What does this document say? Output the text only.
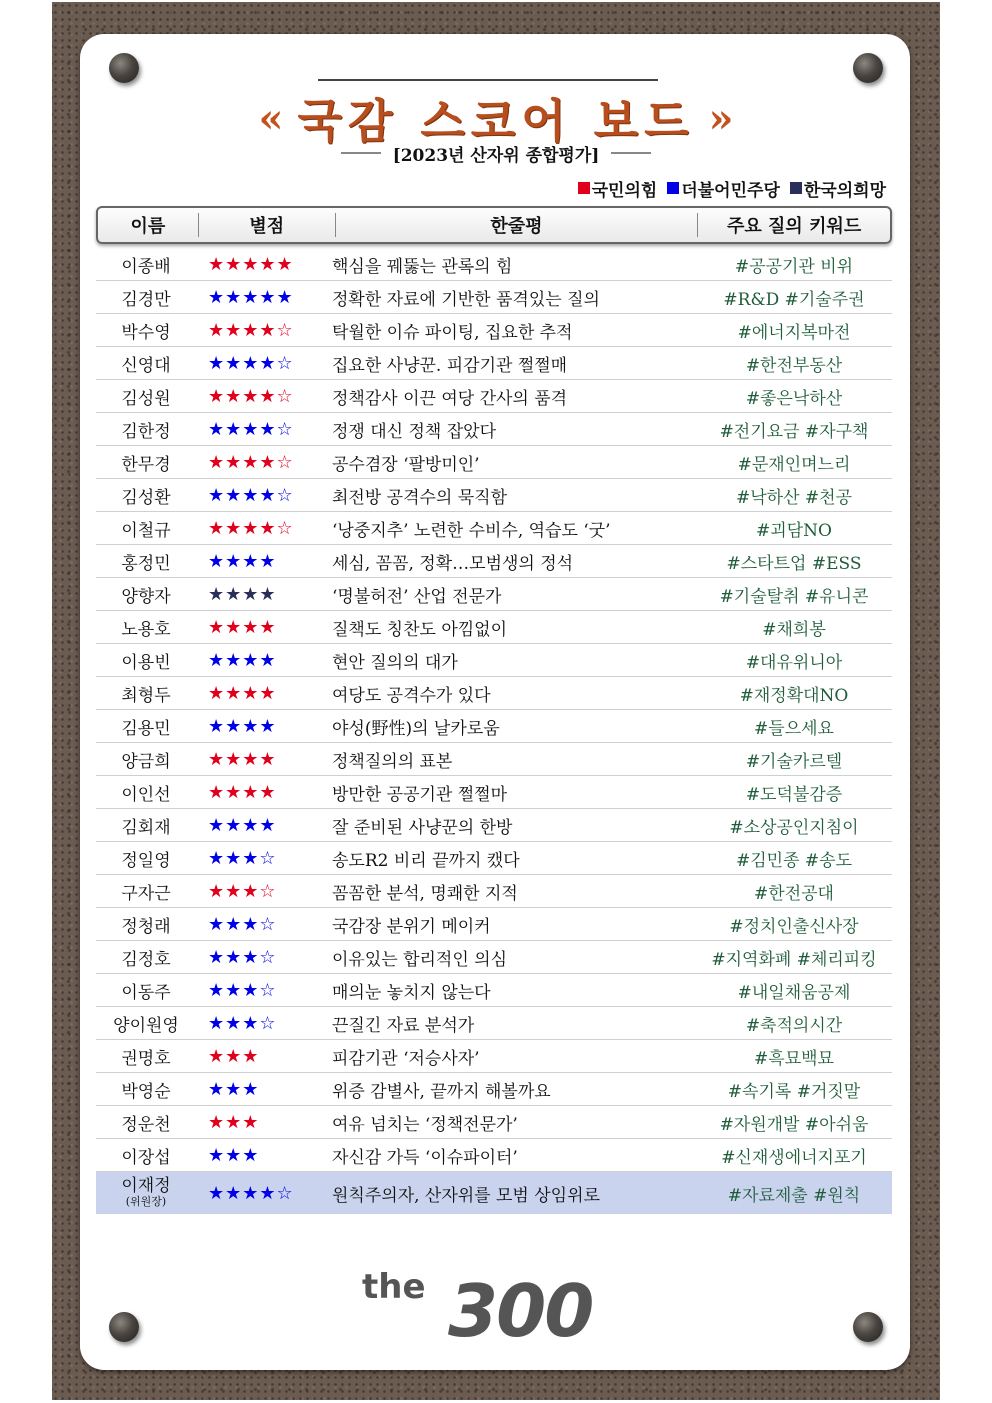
« 국감 스코어 보드 »
[2023년 산자위 종합평가]
국민의힘 더불어민주당 한국의희망
이름	별점	한줄평	주요 질의 키워드
이종배	★★★★★	핵심을 꿰뚫는 관록의 힘	#공공기관 비위
김경만	★★★★★	정확한 자료에 기반한 품격있는 질의	#R&D #기술주권
박수영	★★★★☆	탁월한 이슈 파이팅, 집요한 추적	#에너지복마전
신영대	★★★★☆	집요한 사냥꾼. 피감기관 쩔쩔매	#한전부동산
김성원	★★★★☆	정책감사 이끈 여당 간사의 품격	#좋은낙하산
김한정	★★★★☆	정쟁 대신 정책 잡았다	#전기요금 #자구책
한무경	★★★★☆	공수겸장 ‘팔방미인’	#문재인며느리
김성환	★★★★☆	최전방 공격수의 묵직함	#낙하산 #천공
이철규	★★★★☆	‘낭중지추’ 노련한 수비수, 역습도 ‘굿’	#괴담NO
홍정민	★★★★	세심, 꼼꼼, 정확…모범생의 정석	#스타트업 #ESS
양향자	★★★★	‘명불허전’ 산업 전문가	#기술탈취 #유니콘
노용호	★★★★	질책도 칭찬도 아낌없이	#채희봉
이용빈	★★★★	현안 질의의 대가	#대유위니아
최형두	★★★★	여당도 공격수가 있다	#재정확대NO
김용민	★★★★	야성(野性)의 날카로움	#들으세요
양금희	★★★★	정책질의의 표본	#기술카르텔
이인선	★★★★	방만한 공공기관 쩔쩔마	#도덕불감증
김회재	★★★★	잘 준비된 사냥꾼의 한방	#소상공인지침이
정일영	★★★☆	송도R2 비리 끝까지 캤다	#김민종 #송도
구자근	★★★☆	꼼꼼한 분석, 명쾌한 지적	#한전공대
정청래	★★★☆	국감장 분위기 메이커	#정치인출신사장
김정호	★★★☆	이유있는 합리적인 의심	#지역화폐 #체리피킹
이동주	★★★☆	매의눈 놓치지 않는다	#내일채움공제
양이원영	★★★☆	끈질긴 자료 분석가	#축적의시간
권명호	★★★	피감기관 ‘저승사자’	#흑묘백묘
박영순	★★★	위증 감별사, 끝까지 해볼까요	#속기록 #거짓말
정운천	★★★	여유 넘치는 ‘정책전문가’	#자원개발 #아쉬움
이장섭	★★★	자신감 가득 ‘이슈파이터’	#신재생에너지포기
이재정
(위원장)	★★★★☆	원칙주의자, 산자위를 모범 상임위로	#자료제출 #원칙
the 300
